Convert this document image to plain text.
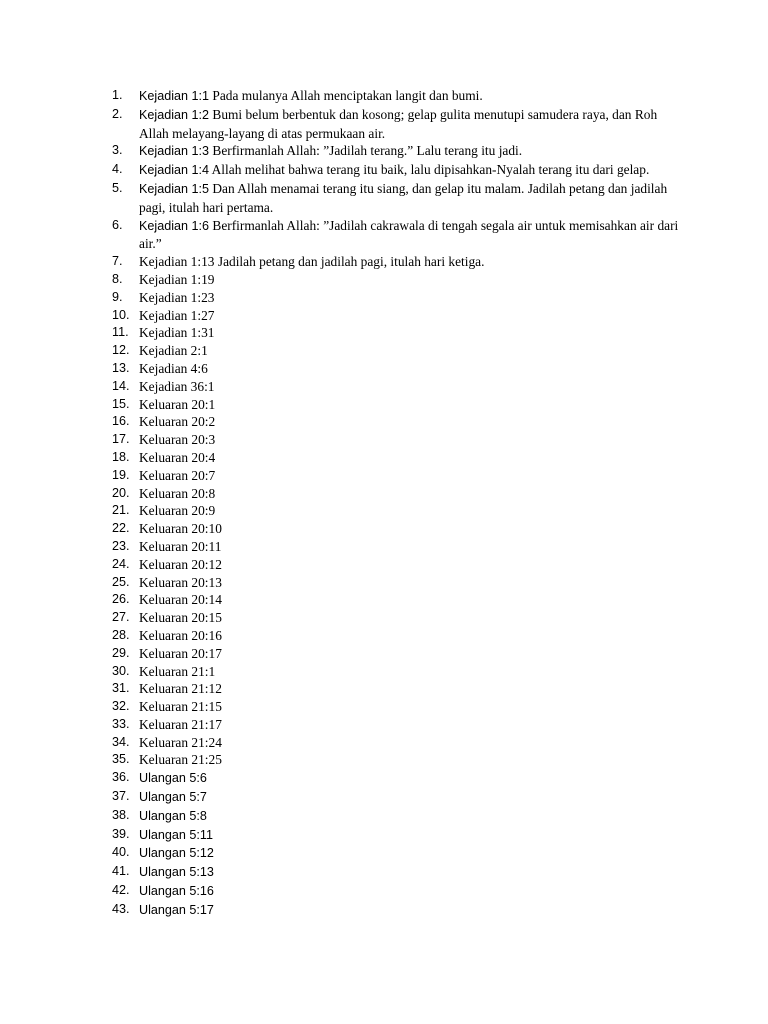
1.	Kejadian 1:1 Pada mulanya Allah menciptakan langit dan bumi.
2.	Kejadian 1:2 Bumi belum berbentuk dan kosong; gelap gulita menutupi samudera raya, dan Roh Allah melayang-layang di atas permukaan air.
3.	Kejadian 1:3 Berfirmanlah Allah: ”Jadilah terang.” Lalu terang itu jadi.
4.	Kejadian 1:4 Allah melihat bahwa terang itu baik, lalu dipisahkan-Nyalah terang itu dari gelap.
5.	Kejadian 1:5 Dan Allah menamai terang itu siang, dan gelap itu malam. Jadilah petang dan jadilah pagi, itulah hari pertama.
6.	Kejadian 1:6 Berfirmanlah Allah: ”Jadilah cakrawala di tengah segala air untuk memisahkan air dari air.”
7.	Kejadian 1:13 Jadilah petang dan jadilah pagi, itulah hari ketiga.
8.	Kejadian 1:19
9.	Kejadian 1:23
10. Kejadian 1:27
11. Kejadian 1:31
12. Kejadian 2:1
13. Kejadian 4:6
14. Kejadian 36:1
15. Keluaran 20:1
16. Keluaran 20:2
17. Keluaran 20:3
18. Keluaran 20:4
19. Keluaran 20:7
20. Keluaran 20:8
21. Keluaran 20:9
22. Keluaran 20:10
23. Keluaran 20:11
24. Keluaran 20:12
25. Keluaran 20:13
26. Keluaran 20:14
27. Keluaran 20:15
28. Keluaran 20:16
29. Keluaran 20:17
30. Keluaran 21:1
31. Keluaran 21:12
32. Keluaran 21:15
33. Keluaran 21:17
34. Keluaran 21:24
35. Keluaran 21:25
36. Ulangan 5:6
37. Ulangan 5:7
38. Ulangan 5:8
39. Ulangan 5:11
40. Ulangan 5:12
41. Ulangan 5:13
42. Ulangan 5:16
43. Ulangan 5:17
